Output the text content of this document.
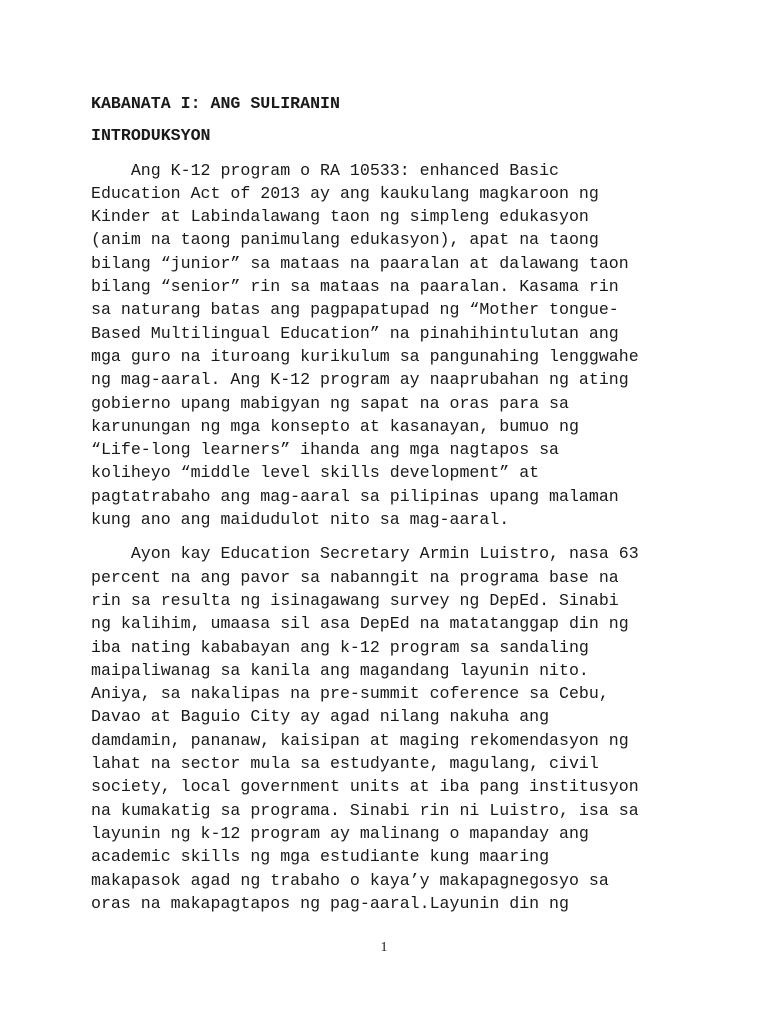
KABANATA I: ANG SULIRANIN
INTRODUKSYON
Ang K-12 program o RA 10533: enhanced Basic
Education Act of 2013 ay ang kaukulang magkaroon ng
Kinder at Labindalawang taon ng simpleng edukasyon
(anim na taong panimulang edukasyon), apat na taong
bilang “junior” sa mataas na paaralan at dalawang taon
bilang “senior” rin sa mataas na paaralan. Kasama rin
sa naturang batas ang pagpapatupad ng “Mother tongue-
Based Multilingual Education” na pinahihintulutan ang
mga guro na ituroang kurikulum sa pangunahing lenggwahe
ng mag-aaral. Ang K-12 program ay naaprubahan ng ating
gobierno upang mabigyan ng sapat na oras para sa
karunungan ng mga konsepto at kasanayan, bumuo ng
“Life-long learners” ihanda ang mga nagtapos sa
koliheyo “middle level skills development” at
pagtatrabaho ang mag-aaral sa pilipinas upang malaman
kung ano ang maidudulot nito sa mag-aaral.
Ayon kay Education Secretary Armin Luistro, nasa 63
percent na ang pavor sa nabanngit na programa base na
rin sa resulta ng isinagawang survey ng DepEd. Sinabi
ng kalihim, umaasa sil asa DepEd na matatanggap din ng
iba nating kababayan ang k-12 program sa sandaling
maipaliwanag sa kanila ang magandang layunin nito.
Aniya, sa nakalipas na pre-summit coference sa Cebu,
Davao at Baguio City ay agad nilang nakuha ang
damdamin, pananaw, kaisipan at maging rekomendasyon ng
lahat na sector mula sa estudyante, magulang, civil
society, local government units at iba pang institusyon
na kumakatig sa programa. Sinabi rin ni Luistro, isa sa
layunin ng k-12 program ay malinang o mapanday ang
academic skills ng mga estudiante kung maaring
makapasok agad ng trabaho o kaya’y makapagnegosyo sa
oras na makapagtapos ng pag-aaral.Layunin din ng
1
